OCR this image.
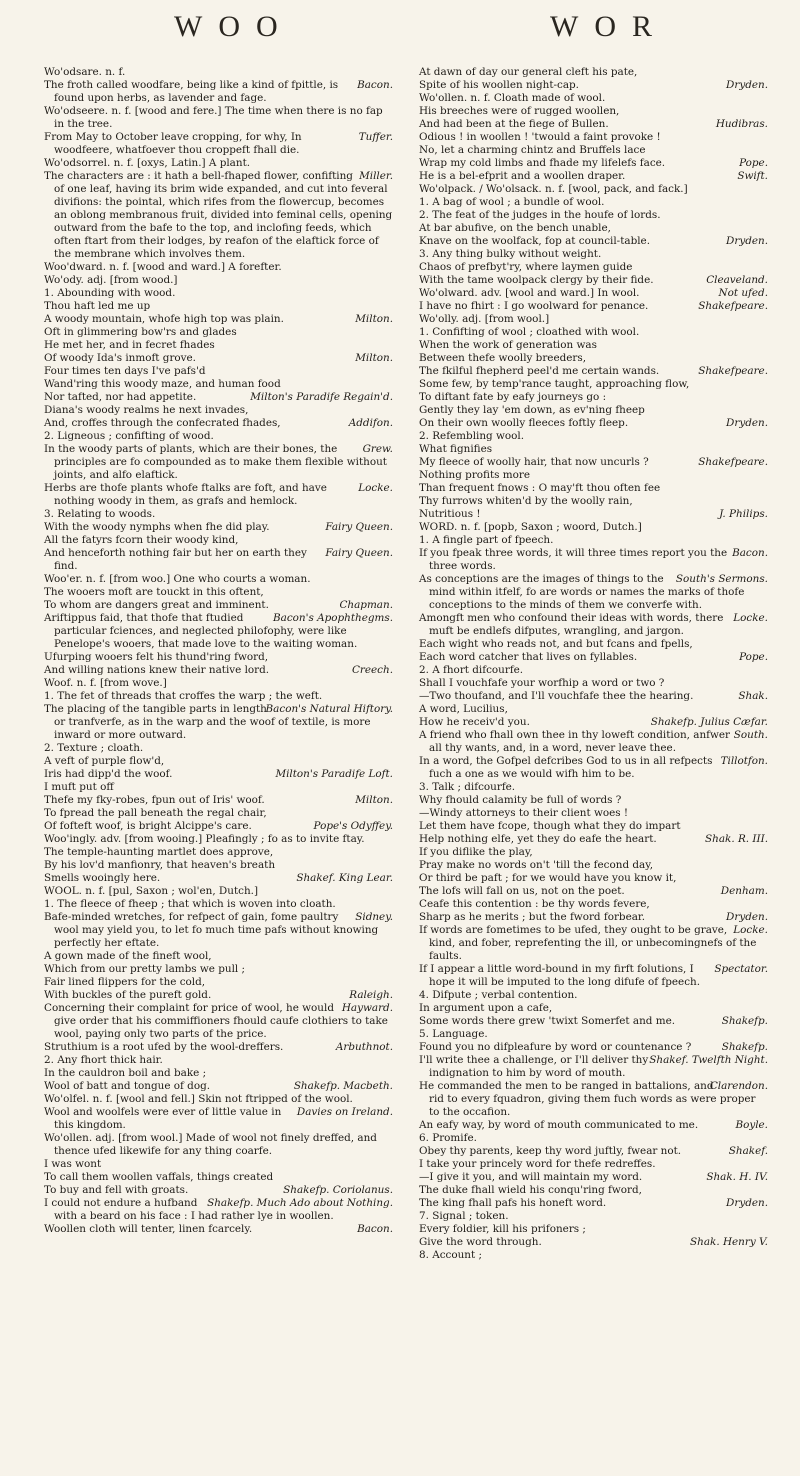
WOO	WOR

Wo'odsare. n. f.

Bacon.
The froth called woodfare, being like a kind of fpittle, is found upon herbs, as lavender and fage.

Wo'odseere. n. f. [wood and fere.] The time when there is no fap in the tree.

Tuffer.
From May to October leave cropping, for why, In woodfeere, whatfoever thou croppeft fhall die.

Wo'odsorrel. n. f. [oxys, Latin.] A plant.

Miller.
The characters are : it hath a bell-fhaped flower, confifting of one leaf, having its brim wide expanded, and cut into feveral divifions: the pointal, which rifes from the flowercup, becomes an oblong membranous fruit, divided into feminal cells, opening outward from the bafe to the top, and inclofing feeds, which often ftart from their lodges, by reafon of the elaftick force of the membrane which involves them.

Woo'dward. n. f. [wood and ward.] A forefter.

Wo'ody. adj. [from wood.]

1. Abounding with wood.

Thou haft led me up

Milton.
A woody mountain, whofe high top was plain.

Oft in glimmering bow'rs and glades

He met her, and in fecret fhades

Milton.
Of woody Ida's inmoft grove.

Four times ten days I've pafs'd

Wand'ring this woody maze, and human food

Milton's Paradife Regain'd.
Nor tafted, nor had appetite.

Diana's woody realms he next invades,

Addifon.
And, croffes through the confecrated fhades,

2. Ligneous ; confifting of wood.

Grew.
In the woody parts of plants, which are their bones, the principles are fo compounded as to make them flexible without joints, and alfo elaftick.

Locke.
Herbs are thofe plants whofe ftalks are foft, and have nothing woody in them, as grafs and hemlock.

3. Relating to woods.

Fairy Queen.
With the woody nymphs when fhe did play.

All the fatyrs fcorn their woody kind,

Fairy Queen.
And henceforth nothing fair but her on earth they find.

Woo'er. n. f. [from woo.] One who courts a woman.

The wooers moft are touckt in this oftent,

Chapman.
To whom are dangers great and imminent.

Bacon's Apophthegms.
Ariftippus faid, that thofe that ftudied particular fciences, and neglected philofophy, were like Penelope's wooers, that made love to the waiting woman.

Ufurping wooers felt his thund'ring fword,

Creech.
And willing nations knew their native lord.

Woof. n. f. [from wove.]

1. The fet of threads that croffes the warp ; the weft.

Bacon's Natural Hiftory.
The placing of the tangible parts in length or tranfverfe, as in the warp and the woof of textile, is more inward or more outward.

2. Texture ; cloath.

A veft of purple flow'd,

Milton's Paradife Loft.
Iris had dipp'd the woof.

I muft put off

Milton.
Thefe my fky-robes, fpun out of Iris' woof.

To fpread the pall beneath the regal chair,

Pope's Odyffey.
Of fofteft woof, is bright Alcippe's care.

Woo'ingly. adv. [from wooing.] Pleafingly ; fo as to invite ftay.

The temple-haunting martlet does approve,

By his lov'd manfionry, that heaven's breath

Shakef. King Lear.
Smells wooingly here.

WOOL. n. f. [pul, Saxon ; wol'en, Dutch.]

1. The fleece of fheep ; that which is woven into cloath.

Sidney.
Bafe-minded wretches, for refpect of gain, fome paultry wool may yield you, to let fo much time pafs without knowing perfectly her eftate.

A gown made of the fineft wool,

Which from our pretty lambs we pull ;

Fair lined flippers for the cold,

Raleigh.
With buckles of the pureft gold.

Hayward.
Concerning their complaint for price of wool, he would give order that his commiffioners fhould caufe clothiers to take wool, paying only two parts of the price.

Arbuthnot.
Struthium is a root ufed by the wool-dreffers.

2. Any fhort thick hair.

In the cauldron boil and bake ;

Shakefp. Macbeth.
Wool of batt and tongue of dog.

Wo'olfel. n. f. [wool and fell.] Skin not ftripped of the wool.

Davies on Ireland.
Wool and woolfels were ever of little value in this kingdom.

Wo'ollen. adj. [from wool.] Made of wool not finely dreffed, and thence ufed likewife for any thing coarfe.

I was wont

To call them woollen vaffals, things created

Shakefp. Coriolanus.
To buy and fell with groats.

Shakefp. Much Ado about Nothing.
I could not endure a hufband with a beard on his face : I had rather lye in woollen.

Bacon.
Woollen cloth will tenter, linen fcarcely.

At dawn of day our general cleft his pate,

Dryden.
Spite of his woollen night-cap.

Wo'ollen. n. f. Cloath made of wool.

His breeches were of rugged woollen,

Hudibras.
And had been at the fiege of Bullen.

Odious ! in woollen ! 'twould a faint provoke !

No, let a charming chintz and Bruffels lace

Pope.
Wrap my cold limbs and fhade my lifelefs face.

Swift.
He is a bel-efprit and a woollen draper.

Wo'olpack. / Wo'olsack. n. f. [wool, pack, and fack.]

1. A bag of wool ; a bundle of wool.

2. The feat of the judges in the houfe of lords.

At bar abufive, on the bench unable,

Dryden.
Knave on the woolfack, fop at council-table.

3. Any thing bulky without weight.

Chaos of prefbyt'ry, where laymen guide

Cleaveland.
With the tame woolpack clergy by their fide.

Not ufed.
Wo'olward. adv. [wool and ward.] In wool.

Shakefpeare.
I have no fhirt : I go woolward for penance.

Wo'olly. adj. [from wool.]

1. Confifting of wool ; cloathed with wool.

When the work of generation was

Between thefe woolly breeders,

Shakefpeare.
The fkilful fhepherd peel'd me certain wands.

Some few, by temp'rance taught, approaching flow,

To diftant fate by eafy journeys go :

Gently they lay 'em down, as ev'ning fheep

Dryden.
On their own woolly fleeces foftly fleep.

2. Refembling wool.

What fignifies

Shakefpeare.
My fleece of woolly hair, that now uncurls ?

Nothing profits more

Than frequent fnows : O may'ft thou often fee

Thy furrows whiten'd by the woolly rain,

J. Philips.
Nutritious !

WORD. n. f. [popb, Saxon ; woord, Dutch.]

1. A fingle part of fpeech.

Bacon.
If you fpeak three words, it will three times report you the three words.

South's Sermons.
As conceptions are the images of things to the mind within itfelf, fo are words or names the marks of thofe conceptions to the minds of them we converfe with.

Locke.
Amongft men who confound their ideas with words, there muft be endlefs difputes, wrangling, and jargon.

Each wight who reads not, and but fcans and fpells,

Pope.
Each word catcher that lives on fyllables.

2. A fhort difcourfe.

Shall I vouchfafe your worfhip a word or two ?

Shak.
—Two thoufand, and I'll vouchfafe thee the hearing.

A word, Lucilius,

Shakefp. Julius Cæfar.
How he receiv'd you.

South.
A friend who fhall own thee in thy loweft condition, anfwer all thy wants, and, in a word, never leave thee.

Tillotfon.
In a word, the Gofpel defcribes God to us in all refpects fuch a one as we would wifh him to be.

3. Talk ; difcourfe.

Why fhould calamity be full of words ?

—Windy attorneys to their client woes !

Let them have fcope, though what they do impart

Shak. R. III.
Help nothing elfe, yet they do eafe the heart.

If you diflike the play,

Pray make no words on't 'till the fecond day,

Or third be paft ; for we would have you know it,

Denham.
The lofs will fall on us, not on the poet.

Ceafe this contention : be thy words fevere,

Dryden.
Sharp as he merits ; but the fword forbear.

Locke.
If words are fometimes to be ufed, they ought to be grave, kind, and fober, reprefenting the ill, or unbecomingnefs of the faults.

Spectator.
If I appear a little word-bound in my firft folutions, I hope it will be imputed to the long difufe of fpeech.

4. Difpute ; verbal contention.

In argument upon a cafe,

Shakefp.
Some words there grew 'twixt Somerfet and me.

5. Language.

Shakefp.
Found you no difpleafure by word or countenance ?

Shakef. Twelfth Night.
I'll write thee a challenge, or I'll deliver thy indignation to him by word of mouth.

Clarendon.
He commanded the men to be ranged in battalions, and rid to every fquadron, giving them fuch words as were proper to the occafion.

Boyle.
An eafy way, by word of mouth communicated to me.

6. Promife.

Shakef.
Obey thy parents, keep thy word juftly, fwear not.

I take your princely word for thefe redreffes.

Shak. H. IV.
—I give it you, and will maintain my word.

The duke fhall wield his conqu'ring fword,

Dryden.
The king fhall pafs his honeft word.

7. Signal ; token.

Every foldier, kill his prifoners ;

Shak. Henry V.
Give the word through.

8. Account ;
